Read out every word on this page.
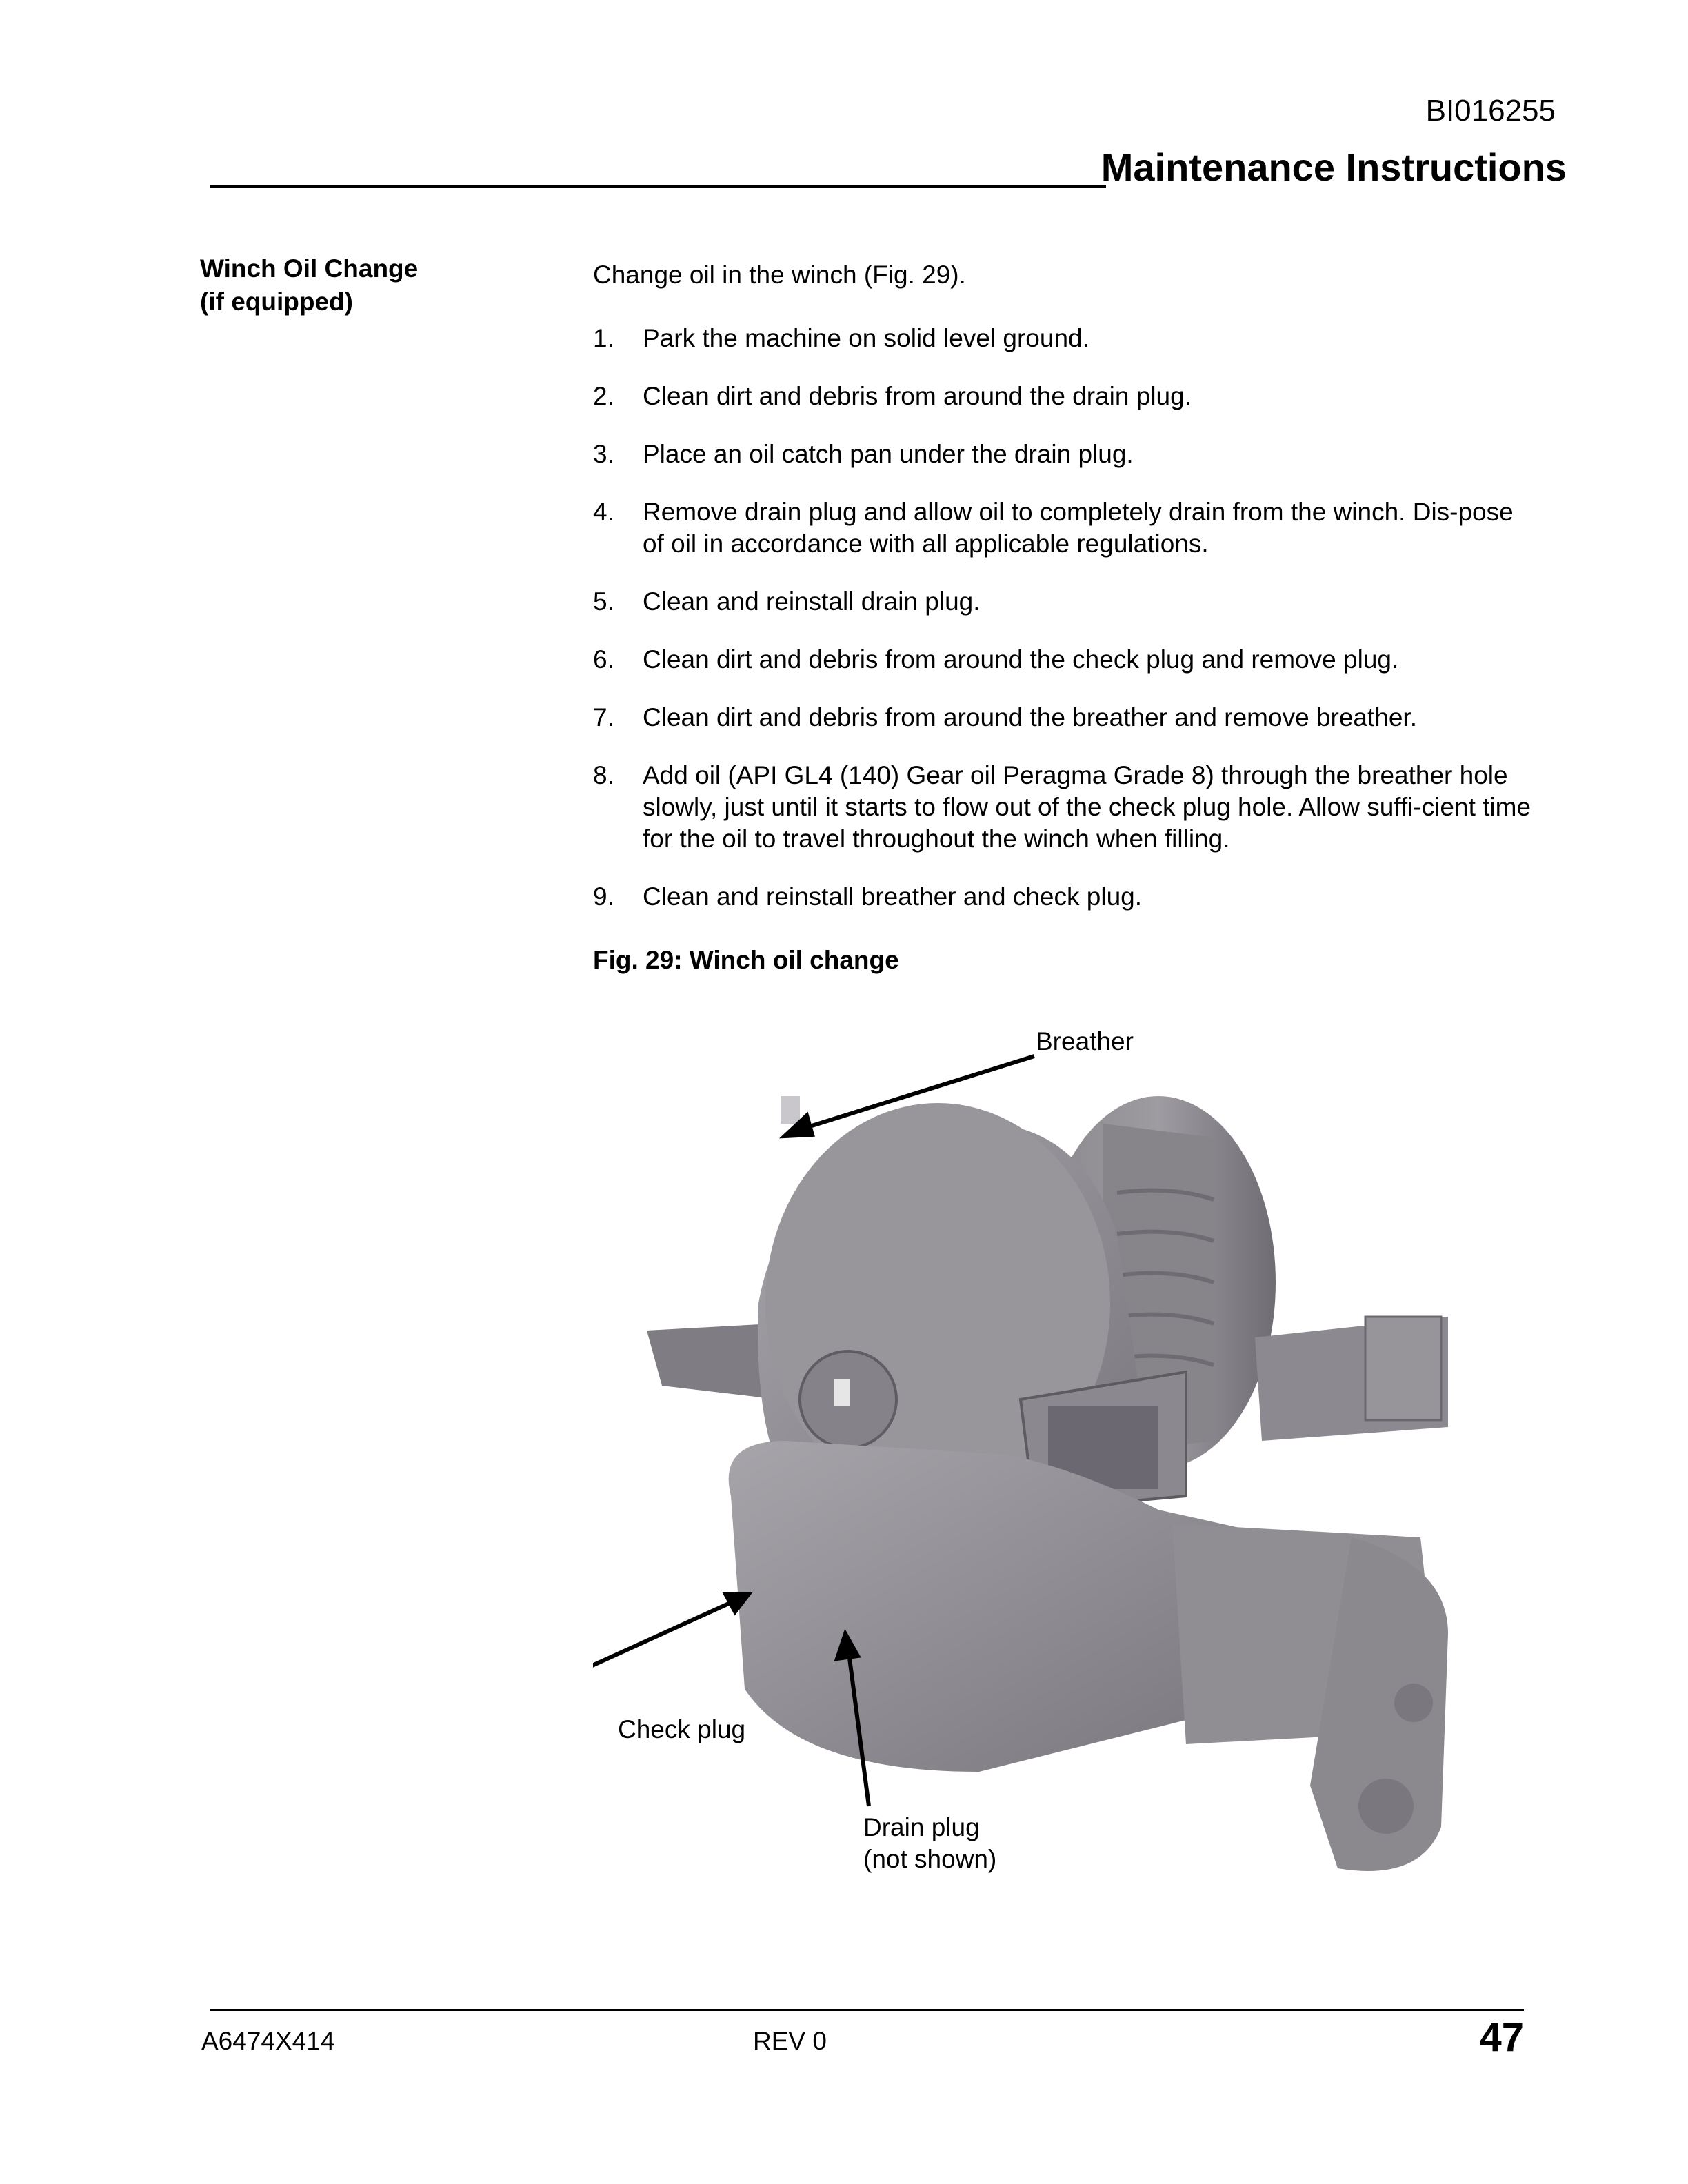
BI016255
Maintenance Instructions
Winch Oil Change
(if equipped)
Change oil in the winch (Fig. 29).
1. Park the machine on solid level ground.
2. Clean dirt and debris from around the drain plug.
3. Place an oil catch pan under the drain plug.
4. Remove drain plug and allow oil to completely drain from the winch. Dis-pose of oil in accordance with all applicable regulations.
5. Clean and reinstall drain plug.
6. Clean dirt and debris from around the check plug and remove plug.
7. Clean dirt and debris from around the breather and remove breather.
8. Add oil (API GL4 (140) Gear oil Peragma Grade 8) through the breather hole slowly, just until it starts to flow out of the check plug hole. Allow suffi-cient time for the oil to travel throughout the winch when filling.
9. Clean and reinstall breather and check plug.
Fig. 29: Winch oil change
Breather
Check plug
Drain plug
(not shown)
A6474X414	REV 0	47
